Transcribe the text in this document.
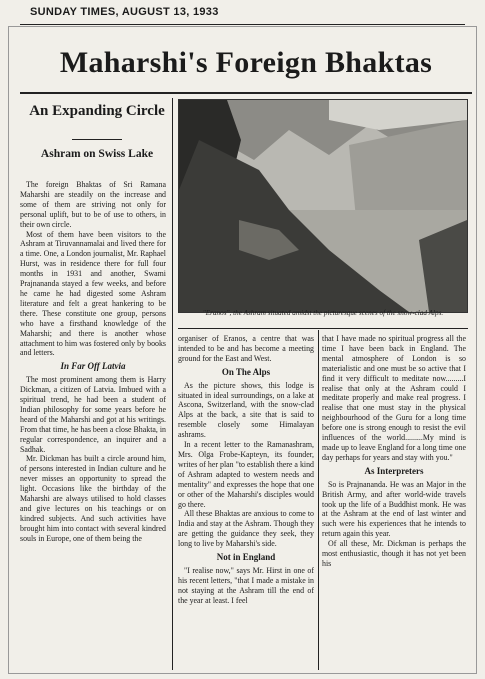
SUNDAY TIMES, AUGUST 13, 1933
Maharshi's Foreign Bhaktas
An Expanding Circle
Ashram on Swiss Lake

The foreign Bhaktas of Sri Ramana Maharshi are steadily on the increase and some of them are striving not only for personal uplift, but to be of use to others, in their own circle.

Most of them have been visitors to the Ashram at Tiruvannamalai and lived there for a time. One, a London journalist, Mr. Raphael Hurst, was in residence there for full four months in 1931 and another, Swami Prajnananda stayed a few weeks, and before he came he had digested some Ashram literature and felt a great hankering to be there. These constitute one group, persons who have a firsthand knowledge of the Maharshi; and there is another whose attachment to him was fostered only by books and letters.

In Far Off Latvia

The most prominent among them is Harry Dickman, a citizen of Latvia. Imbued with a spiritual trend, he had been a student of Indian philosophy for some years before he heard of the Maharshi and got at his writings. From that time, he has been a close Bhakta, in regular correspondence, an inquirer and a Sadhak.

Mr. Dickman has built a circle around him, of persons interested in Indian culture and he never misses an opportunity to spread the light. Occasions like the birthday of the Maharshi are always utilised to hold classes and give lectures on his teachings or on kindred subjects. And such activities have brought him into contact with several kindred souls in Europe, one of them being the

"Eranos", the Ashram situated amidst the picturesque scenes of the snow-clad Alps.

organiser of Eranos, a centre that was intended to be and has become a meeting ground for the East and West.

On The Alps

As the picture shows, this lodge is situated in ideal surroundings, on a lake at Ascona, Switzerland, with the snow-clad Alps at the back, a site that is said to resemble closely some Himalayan ashrams.

In a recent letter to the Ramanashram, Mrs. Olga Frobe-Kapteyn, its founder, writes of her plan "to establish there a kind of Ashram adapted to western needs and mentality" and expresses the hope that one or other of the Maharshi's disciples would go there.

All these Bhaktas are anxious to come to India and stay at the Ashram. Though they are getting the guidance they seek, they long to live by Maharshi's side.

Not in England

"I realise now," says Mr. Hirst in one of his recent letters, "that I made a mistake in not staying at the Ashram till the end of the year at least. I feel

that I have made no spiritual progress all the time I have been back in England. The mental atmosphere of London is so materialistic and one must be so active that I find it very difficult to meditate now.........I realise that only at the Ashram could I meditate properly and make real progress. I realise that one must stay in the physical neighbourhood of the Guru for a long time before one is strong enough to resist the evil influences of the world.........My mind is made up to leave England for a long time one day perhaps for years and stay with you."

As Interpreters

So is Prajnananda. He was an Major in the British Army, and after world-wide travels took up the life of a Buddhist monk. He was at the Ashram at the end of last winter and such were his experiences that he intends to return again this year.

Of all these, Mr. Dickman is perhaps the most enthusiastic, though it has not yet been his
